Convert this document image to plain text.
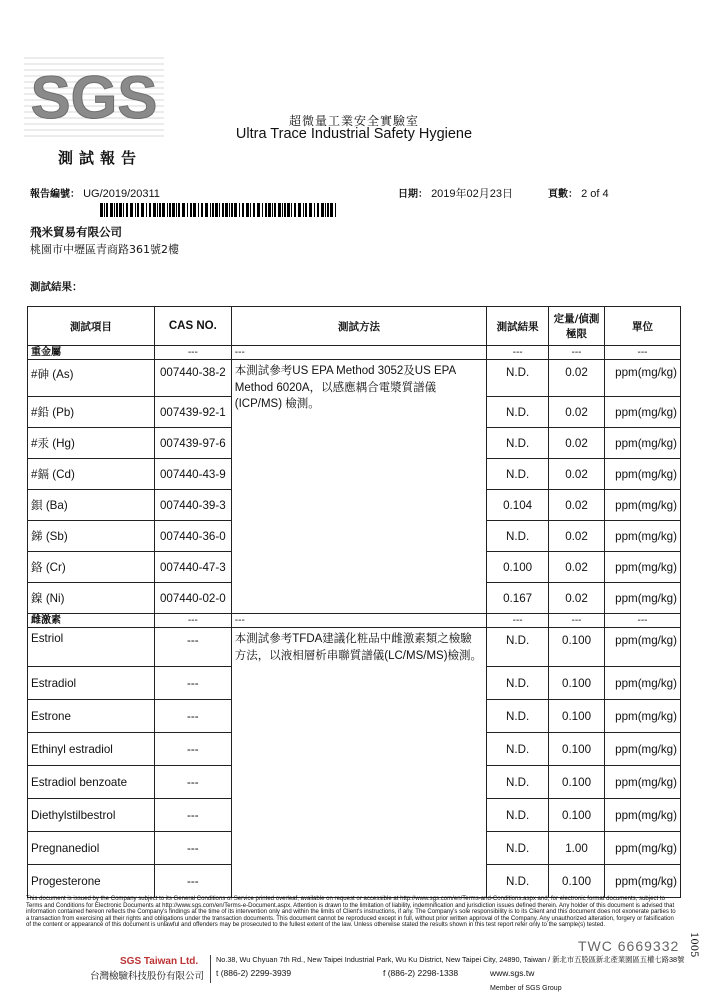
SGS	超微量工業安全實驗室
Ultra Trace Industrial Safety Hygiene
測試報告
報告編號： UG/2019/20311	日期： 2019年02月23日	頁數： 2 of 4
飛米貿易有限公司
桃園市中壢區青商路361號2樓
測試結果：
測試項目	CAS NO.	測試方法	測試結果	定量/偵測極限	單位
重金屬	---	---	---	---	---
#砷 (As)	007440-38-2	本測試參考US EPA Method 3052及US EPA Method 6020A，以感應耦合電漿質譜儀 (ICP/MS) 檢測。	N.D.	0.02	ppm(mg/kg)
#鉛 (Pb)	007439-92-1		N.D.	0.02	ppm(mg/kg)
#汞 (Hg)	007439-97-6		N.D.	0.02	ppm(mg/kg)
#鎘 (Cd)	007440-43-9		N.D.	0.02	ppm(mg/kg)
鋇 (Ba)	007440-39-3		0.104	0.02	ppm(mg/kg)
銻 (Sb)	007440-36-0		N.D.	0.02	ppm(mg/kg)
鉻 (Cr)	007440-47-3		0.100	0.02	ppm(mg/kg)
鎳 (Ni)	007440-02-0		0.167	0.02	ppm(mg/kg)
雌激素	---	---	---	---	---
Estriol	---	本測試參考TFDA建議化粧品中雌激素類之檢驗方法，以液相層析串聯質譜儀(LC/MS/MS)檢測。	N.D.	0.100	ppm(mg/kg)
Estradiol	---		N.D.	0.100	ppm(mg/kg)
Estrone	---		N.D.	0.100	ppm(mg/kg)
Ethinyl estradiol	---		N.D.	0.100	ppm(mg/kg)
Estradiol benzoate	---		N.D.	0.100	ppm(mg/kg)
Diethylstilbestrol	---		N.D.	0.100	ppm(mg/kg)
Pregnanediol	---		N.D.	1.00	ppm(mg/kg)
Progesterone	---		N.D.	0.100	ppm(mg/kg)
This document is issued by the Company subject to its General Conditions of Service printed overleaf, available on request or accessible at http://www.sgs.com/en/Terms-and-Conditions.aspx and, for electronic format documents, subject to Terms and Conditions for Electronic Documents at http://www.sgs.com/en/Terms-e-Document.aspx. Attention is drawn to the limitation of liability, indemnification and jurisdiction issues defined therein. Any holder of this document is advised that information contained hereon reflects the Company's findings at the time of its intervention only and within the limits of Client's instructions, if any. The Company's sole responsibility is to its Client and this document does not exonerate parties to a transaction from exercising all their rights and obligations under the transaction documents. This document cannot be reproduced except in full, without prior written approval of the Company. Any unauthorized alteration, forgery or falsification of the content or appearance of this document is unlawful and offenders may be prosecuted to the fullest extent of the law. Unless otherwise stated the results shown in this test report refer only to the sample(s) tested.
TWC 6669332 1005
SGS Taiwan Ltd.
台灣檢驗科技股份有限公司
No.38, Wu Chyuan 7th Rd., New Taipei Industrial Park, Wu Ku District, New Taipei City, 24890, Taiwan / 新北市五股區新北產業園區五權七路38號
t (886-2) 2299-3939	f (886-2) 2298-1338	www.sgs.tw
Member of SGS Group
